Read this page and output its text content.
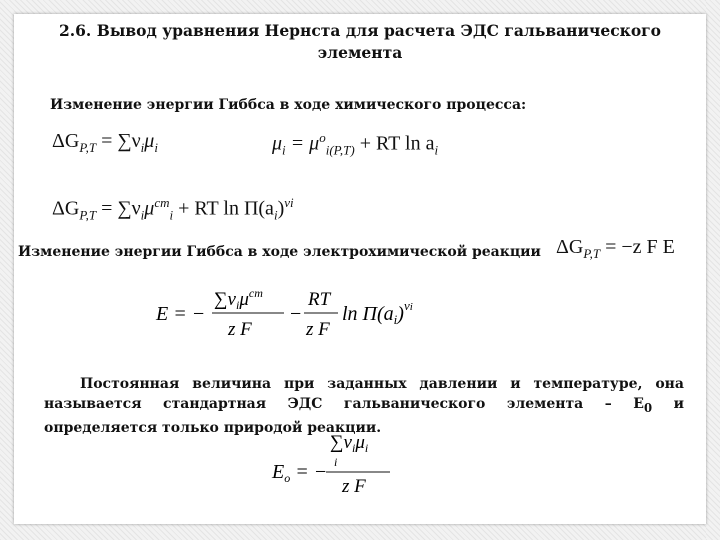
2.6. Вывод уравнения Нернста для расчета ЭДС гальванического элемента
Изменение энергии Гиббса в ходе химического процесса:
$\Delta G_{P,T} = \sum\nu_i\mu_i$	$\mu_i = \mu^o_{i(P,T)}$ + RT $\ln a_i$
$\Delta G_{P,T} = \sum\nu_i\mu^{cm}_i$ + RT $\ln \Pi(a_i)^{\nu i}$
Изменение энергии Гиббса в ходе электрохимической реакции $\Delta G_{P,T} = -z$ F E
E = −
$\sum\nu_i\mu^{cm}$
z F
−
RT
z F
$\ln \Pi(a_i)^\nu i$
Постоянная величина при заданных давлении и температуре, она называется стандартная ЭДС гальванического элемента – $E_0$ и определяется только природой реакции.
$E_o$ = −
$\sum\nu_i\mu_i$
i
z F
